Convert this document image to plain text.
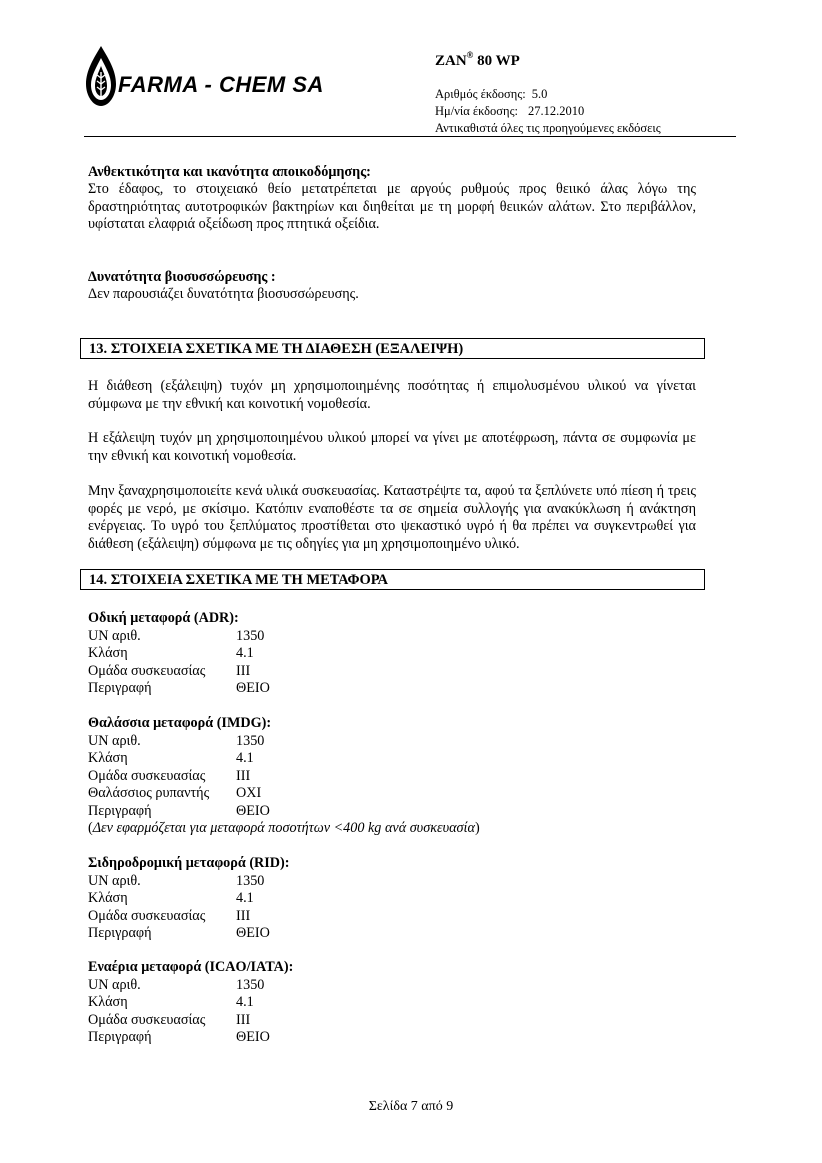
FARMA - CHEM SA
ZAN® 80 WP
Αριθμός έκδοσης: 5.0
Ημ/νία έκδοσης: 27.12.2010
Αντικαθιστά όλες τις προηγούμενες εκδόσεις
Ανθεκτικότητα και ικανότητα αποικοδόμησης:
Στο έδαφος, το στοιχειακό θείο μετατρέπεται με αργούς ρυθμούς προς θειικό άλας λόγω της δραστηριότητας αυτοτροφικών βακτηρίων και διηθείται με τη μορφή θειικών αλάτων. Στο περιβάλλον, υφίσταται ελαφριά οξείδωση προς πτητικά οξείδια.
Δυνατότητα βιοσυσσώρευσης :
Δεν παρουσιάζει δυνατότητα βιοσυσσώρευσης.
13. ΣΤΟΙΧΕΙΑ ΣΧΕΤΙΚΑ ΜΕ ΤΗ ΔΙΑΘΕΣΗ (ΕΞΑΛΕΙΨΗ)
Η διάθεση (εξάλειψη) τυχόν μη χρησιμοποιημένης ποσότητας ή επιμολυσμένου υλικού να γίνεται σύμφωνα με την εθνική και κοινοτική νομοθεσία.
Η εξάλειψη τυχόν μη χρησιμοποιημένου υλικού μπορεί να γίνει με αποτέφρωση, πάντα σε συμφωνία με την εθνική και κοινοτική νομοθεσία.
Μην ξαναχρησιμοποιείτε κενά υλικά συσκευασίας. Καταστρέψτε τα, αφού τα ξεπλύνετε υπό πίεση ή τρεις φορές με νερό, με σκίσιμο. Κατόπιν εναποθέστε τα σε σημεία συλλογής για ανακύκλωση ή ανάκτηση ενέργειας. Το υγρό του ξεπλύματος προστίθεται στο ψεκαστικό υγρό ή θα πρέπει να συγκεντρωθεί για διάθεση (εξάλειψη) σύμφωνα με τις οδηγίες για μη χρησιμοποιημένο υλικό.
14. ΣΤΟΙΧΕΙΑ ΣΧΕΤΙΚΑ ΜΕ ΤΗ ΜΕΤΑΦΟΡΑ
Οδική μεταφορά (ADR):
UN αριθ.	1350
Κλάση	4.1
Ομάδα συσκευασίας	III
Περιγραφή	ΘΕΙΟ
Θαλάσσια μεταφορά (IMDG):
UN αριθ.	1350
Κλάση	4.1
Ομάδα συσκευασίας	III
Θαλάσσιος ρυπαντής	ΟΧΙ
Περιγραφή	ΘΕΙΟ
(Δεν εφαρμόζεται για μεταφορά ποσοτήτων <400 kg ανά συσκευασία)
Σιδηροδρομική μεταφορά (RID):
UN αριθ.	1350
Κλάση	4.1
Ομάδα συσκευασίας	III
Περιγραφή	ΘΕΙΟ
Εναέρια μεταφορά (ICAO/IATA):
UN αριθ.	1350
Κλάση	4.1
Ομάδα συσκευασίας	III
Περιγραφή	ΘΕΙΟ
Σελίδα 7 από 9
